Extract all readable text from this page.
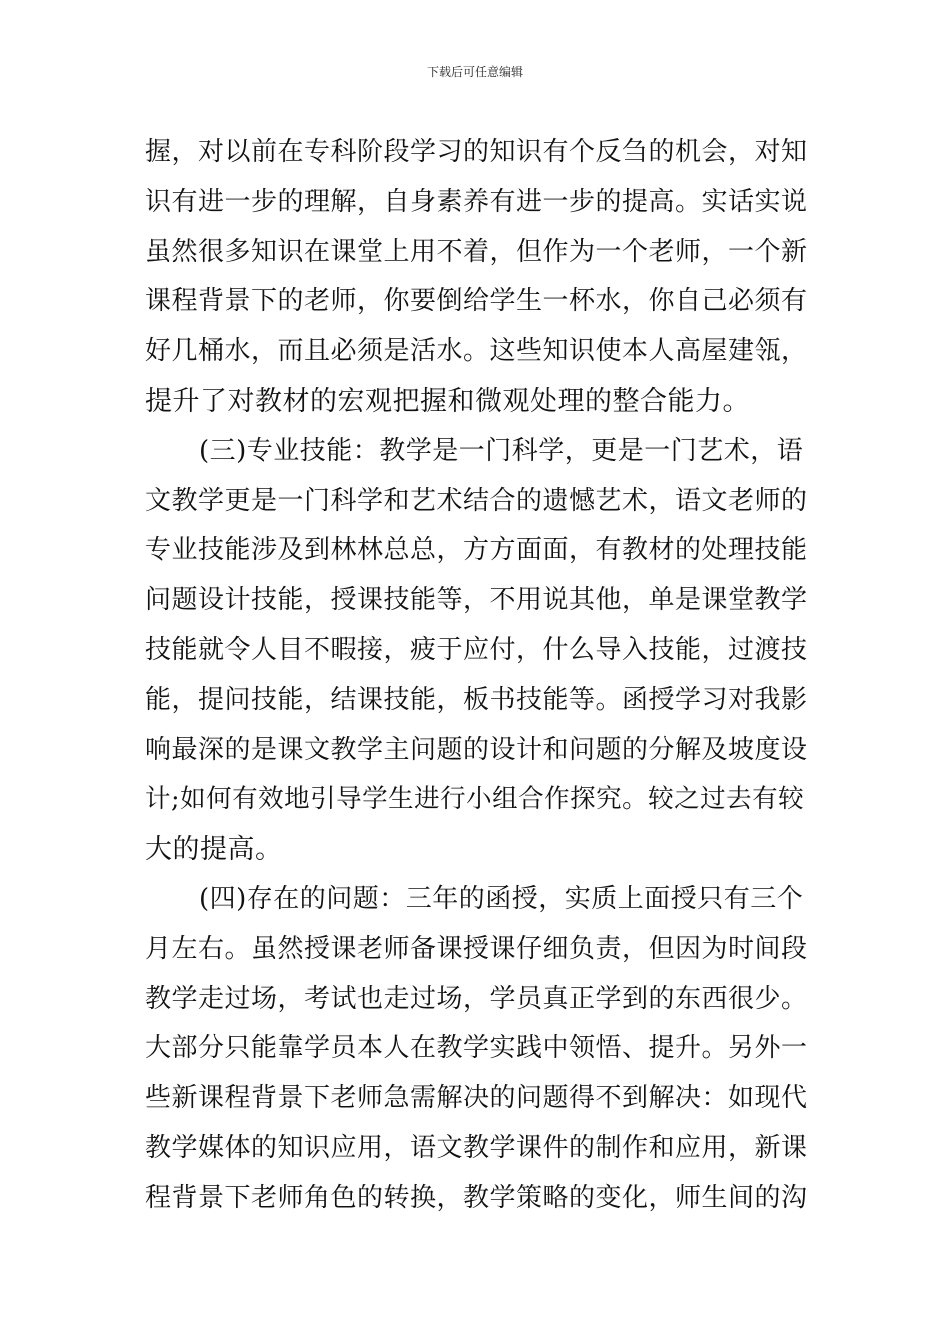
下载后可任意编辑
握，对以前在专科阶段学习的知识有个反刍的机会，对知
识有进一步的理解，自身素养有进一步的提高。实话实说
虽然很多知识在课堂上用不着，但作为一个老师，一个新
课程背景下的老师，你要倒给学生一杯水，你自己必须有
好几桶水，而且必须是活水。这些知识使本人高屋建瓴，
提升了对教材的宏观把握和微观处理的整合能力。
(三)专业技能：教学是一门科学，更是一门艺术，语
文教学更是一门科学和艺术结合的遗憾艺术，语文老师的
专业技能涉及到林林总总，方方面面，有教材的处理技能
问题设计技能，授课技能等，不用说其他，单是课堂教学
技能就令人目不暇接，疲于应付，什么导入技能，过渡技
能，提问技能，结课技能，板书技能等。函授学习对我影
响最深的是课文教学主问题的设计和问题的分解及坡度设
计;如何有效地引导学生进行小组合作探究。较之过去有较
大的提高。
(四)存在的问题：三年的函授，实质上面授只有三个
月左右。虽然授课老师备课授课仔细负责，但因为时间段
教学走过场，考试也走过场，学员真正学到的东西很少。
大部分只能靠学员本人在教学实践中领悟、提升。另外一
些新课程背景下老师急需解决的问题得不到解决：如现代
教学媒体的知识应用，语文教学课件的制作和应用，新课
程背景下老师角色的转换，教学策略的变化，师生间的沟
